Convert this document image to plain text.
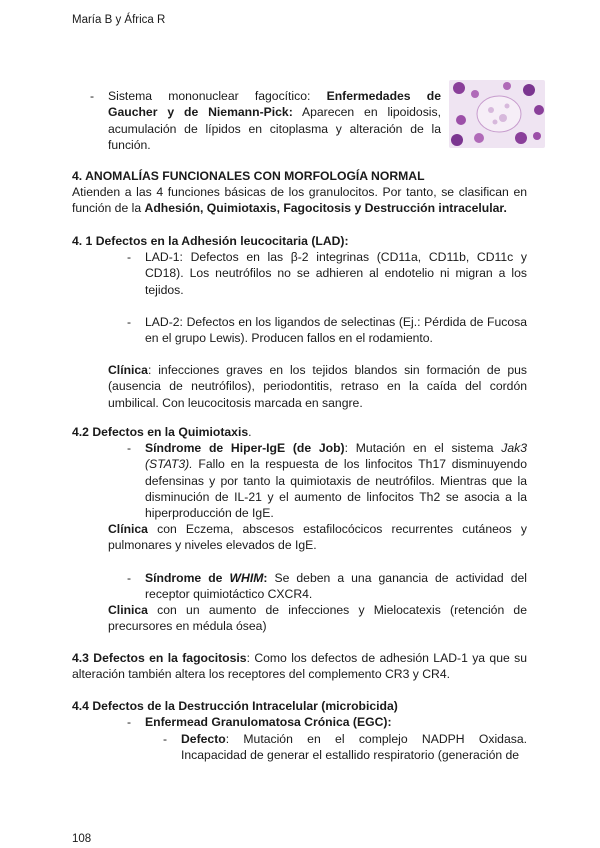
María B y África R
- Sistema mononuclear fagocítico: Enfermedades de Gaucher y de Niemann-Pick: Aparecen en lipoidosis, acumulación de lípidos en citoplasma y alteración de la función.
4. ANOMALÍAS FUNCIONALES CON MORFOLOGÍA NORMAL
Atienden a las 4 funciones básicas de los granulocitos. Por tanto, se clasifican en función de la Adhesión, Quimiotaxis, Fagocitosis y Destrucción intracelular.
4. 1 Defectos en la Adhesión leucocitaria (LAD):
- LAD-1: Defectos en las β-2 integrinas (CD11a, CD11b, CD11c y CD18). Los neutrófilos no se adhieren al endotelio ni migran a los tejidos.
- LAD-2: Defectos en los ligandos de selectinas (Ej.: Pérdida de Fucosa en el grupo Lewis). Producen fallos en el rodamiento.
Clínica: infecciones graves en los tejidos blandos sin formación de pus (ausencia de neutrófilos), periodontitis, retraso en la caída del cordón umbilical. Con leucocitosis marcada en sangre.
4.2 Defectos en la Quimiotaxis.
- Síndrome de Hiper-IgE (de Job): Mutación en el sistema Jak3 (STAT3). Fallo en la respuesta de los linfocitos Th17 disminuyendo defensinas y por tanto la quimiotaxis de neutrófilos. Mientras que la disminución de IL-21 y el aumento de linfocitos Th2 se asocia a la hiperproducción de IgE.
Clínica con Eczema, abscesos estafilocócicos recurrentes cutáneos y pulmonares y niveles elevados de IgE.
- Síndrome de WHIM: Se deben a una ganancia de actividad del receptor quimiotáctico CXCR4.
Clinica con un aumento de infecciones y Mielocatexis (retención de precursores en médula ósea)
4.3 Defectos en la fagocitosis: Como los defectos de adhesión LAD-1 ya que su alteración también altera los receptores del complemento CR3 y CR4.
4.4 Defectos de la Destrucción Intracelular (microbicida)
- Enfermead Granulomatosa Crónica (EGC):
- Defecto: Mutación en el complejo NADPH Oxidasa. Incapacidad de generar el estallido respiratorio (generación de
108
